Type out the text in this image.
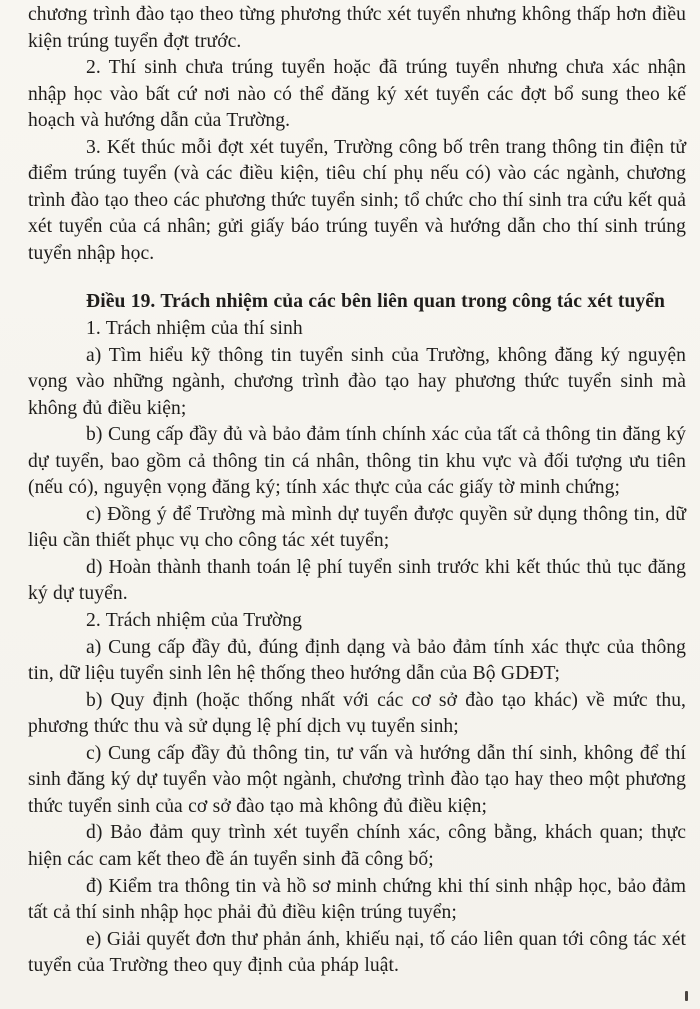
chương trình đào tạo theo từng phương thức xét tuyển nhưng không thấp hơn điều kiện trúng tuyển đợt trước.

2. Thí sinh chưa trúng tuyển hoặc đã trúng tuyển nhưng chưa xác nhận nhập học vào bất cứ nơi nào có thể đăng ký xét tuyển các đợt bổ sung theo kế hoạch và hướng dẫn của Trường.

3. Kết thúc mỗi đợt xét tuyển, Trường công bố trên trang thông tin điện tử điểm trúng tuyển (và các điều kiện, tiêu chí phụ nếu có) vào các ngành, chương trình đào tạo theo các phương thức tuyển sinh; tổ chức cho thí sinh tra cứu kết quả xét tuyển của cá nhân; gửi giấy báo trúng tuyển và hướng dẫn cho thí sinh trúng tuyển nhập học.

Điều 19. Trách nhiệm của các bên liên quan trong công tác xét tuyển

1. Trách nhiệm của thí sinh

a) Tìm hiểu kỹ thông tin tuyển sinh của Trường, không đăng ký nguyện vọng vào những ngành, chương trình đào tạo hay phương thức tuyển sinh mà không đủ điều kiện;

b) Cung cấp đầy đủ và bảo đảm tính chính xác của tất cả thông tin đăng ký dự tuyển, bao gồm cả thông tin cá nhân, thông tin khu vực và đối tượng ưu tiên (nếu có), nguyện vọng đăng ký; tính xác thực của các giấy tờ minh chứng;

c) Đồng ý để Trường mà mình dự tuyển được quyền sử dụng thông tin, dữ liệu cần thiết phục vụ cho công tác xét tuyển;

d) Hoàn thành thanh toán lệ phí tuyển sinh trước khi kết thúc thủ tục đăng ký dự tuyển.

2. Trách nhiệm của Trường

a) Cung cấp đầy đủ, đúng định dạng và bảo đảm tính xác thực của thông tin, dữ liệu tuyển sinh lên hệ thống theo hướng dẫn của Bộ GDĐT;

b) Quy định (hoặc thống nhất với các cơ sở đào tạo khác) về mức thu, phương thức thu và sử dụng lệ phí dịch vụ tuyển sinh;

c) Cung cấp đầy đủ thông tin, tư vấn và hướng dẫn thí sinh, không để thí sinh đăng ký dự tuyển vào một ngành, chương trình đào tạo hay theo một phương thức tuyển sinh của cơ sở đào tạo mà không đủ điều kiện;

d) Bảo đảm quy trình xét tuyển chính xác, công bằng, khách quan; thực hiện các cam kết theo đề án tuyển sinh đã công bố;

đ) Kiểm tra thông tin và hồ sơ minh chứng khi thí sinh nhập học, bảo đảm tất cả thí sinh nhập học phải đủ điều kiện trúng tuyển;

e) Giải quyết đơn thư phản ánh, khiếu nại, tố cáo liên quan tới công tác xét tuyển của Trường theo quy định của pháp luật.
